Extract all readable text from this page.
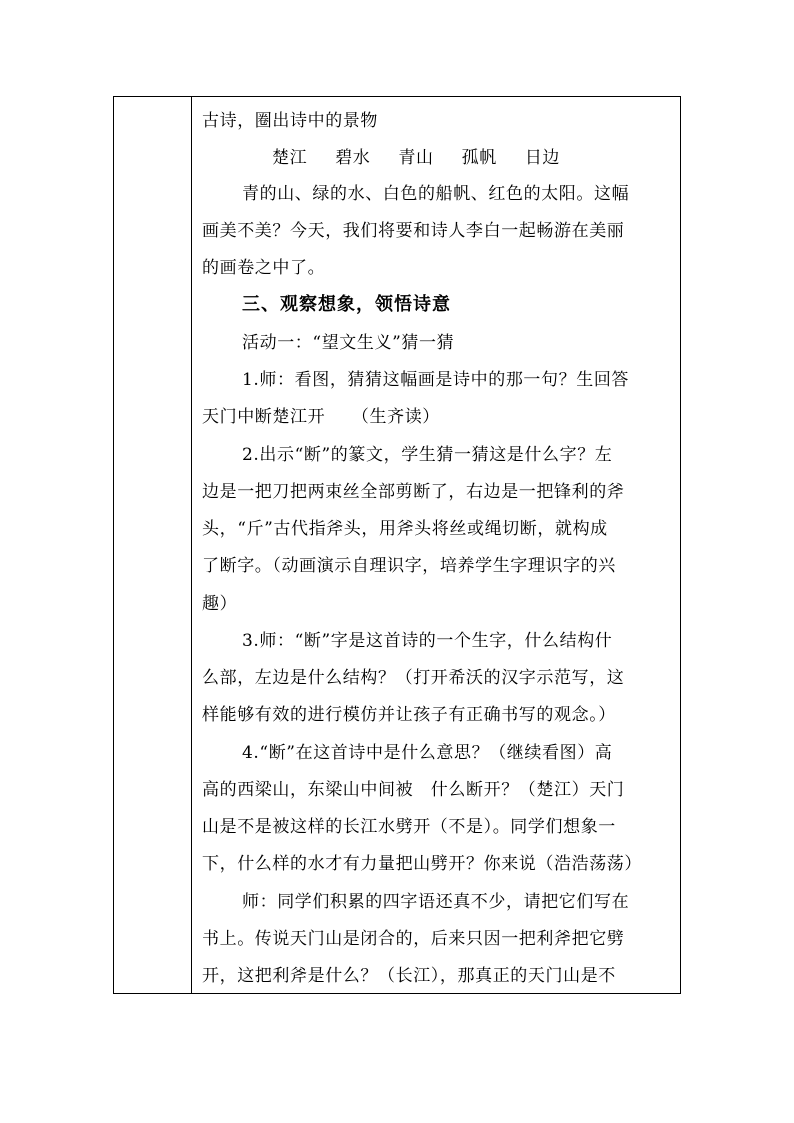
古诗，圈出诗中的景物
楚江 碧水 青山 孤帆 日边
青的山、绿的水、白色的船帆、红色的太阳。这幅
画美不美？今天，我们将要和诗人李白一起畅游在美丽
的画卷之中了。
三、观察想象，领悟诗意
活动一：“望文生义”猜一猜
1.师：看图，猜猜这幅画是诗中的那一句？生回答
天门中断楚江开　　（生齐读）
2.出示“断”的篆文，学生猜一猜这是什么字？左
边是一把刀把两束丝全部剪断了，右边是一把锋利的斧
头，“斤”古代指斧头，用斧头将丝或绳切断，就构成
了断字。（动画演示自理识字，培养学生字理识字的兴
趣）
3.师：“断”字是这首诗的一个生字，什么结构什
么部，左边是什么结构？（打开希沃的汉字示范写，这
样能够有效的进行模仿并让孩子有正确书写的观念。）
4.“断”在这首诗中是什么意思？（继续看图）高
高的西梁山，东梁山中间被　什么断开？（楚江）天门
山是不是被这样的长江水劈开（不是）。同学们想象一
下，什么样的水才有力量把山劈开？你来说（浩浩荡荡）
师：同学们积累的四字语还真不少，请把它们写在
书上。传说天门山是闭合的，后来只因一把利斧把它劈
开，这把利斧是什么？（长江），那真正的天门山是不
